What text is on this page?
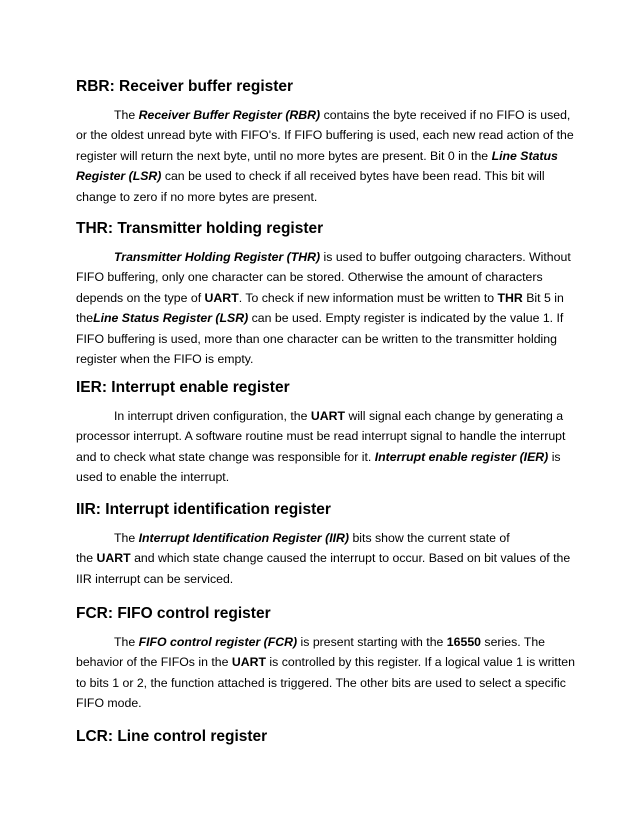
RBR: Receiver buffer register

The Receiver Buffer Register (RBR) contains the byte received if no FIFO is used,
or the oldest unread byte with FIFO's. If FIFO buffering is used, each new read action of the
register will return the next byte, until no more bytes are present. Bit 0 in the Line Status
Register (LSR) can be used to check if all received bytes have been read. This bit will
change to zero if no more bytes are present.

THR: Transmitter holding register

Transmitter Holding Register (THR) is used to buffer outgoing characters. Without
FIFO buffering, only one character can be stored. Otherwise the amount of characters
depends on the type of UART. To check if new information must be written to THR Bit 5 in
theLine Status Register (LSR) can be used. Empty register is indicated by the value 1. If
FIFO buffering is used, more than one character can be written to the transmitter holding
register when the FIFO is empty.

IER: Interrupt enable register

In interrupt driven configuration, the UART will signal each change by generating a
processor interrupt. A software routine must be read interrupt signal to handle the interrupt
and to check what state change was responsible for it. Interrupt enable register (IER) is
used to enable the interrupt.

IIR: Interrupt identification register

The Interrupt Identification Register (IIR) bits show the current state of
the UART and which state change caused the interrupt to occur. Based on bit values of the
IIR interrupt can be serviced.

FCR: FIFO control register

The FIFO control register (FCR) is present starting with the 16550 series. The
behavior of the FIFOs in the UART is controlled by this register. If a logical value 1 is written
to bits 1 or 2, the function attached is triggered. The other bits are used to select a specific
FIFO mode.

LCR: Line control register
